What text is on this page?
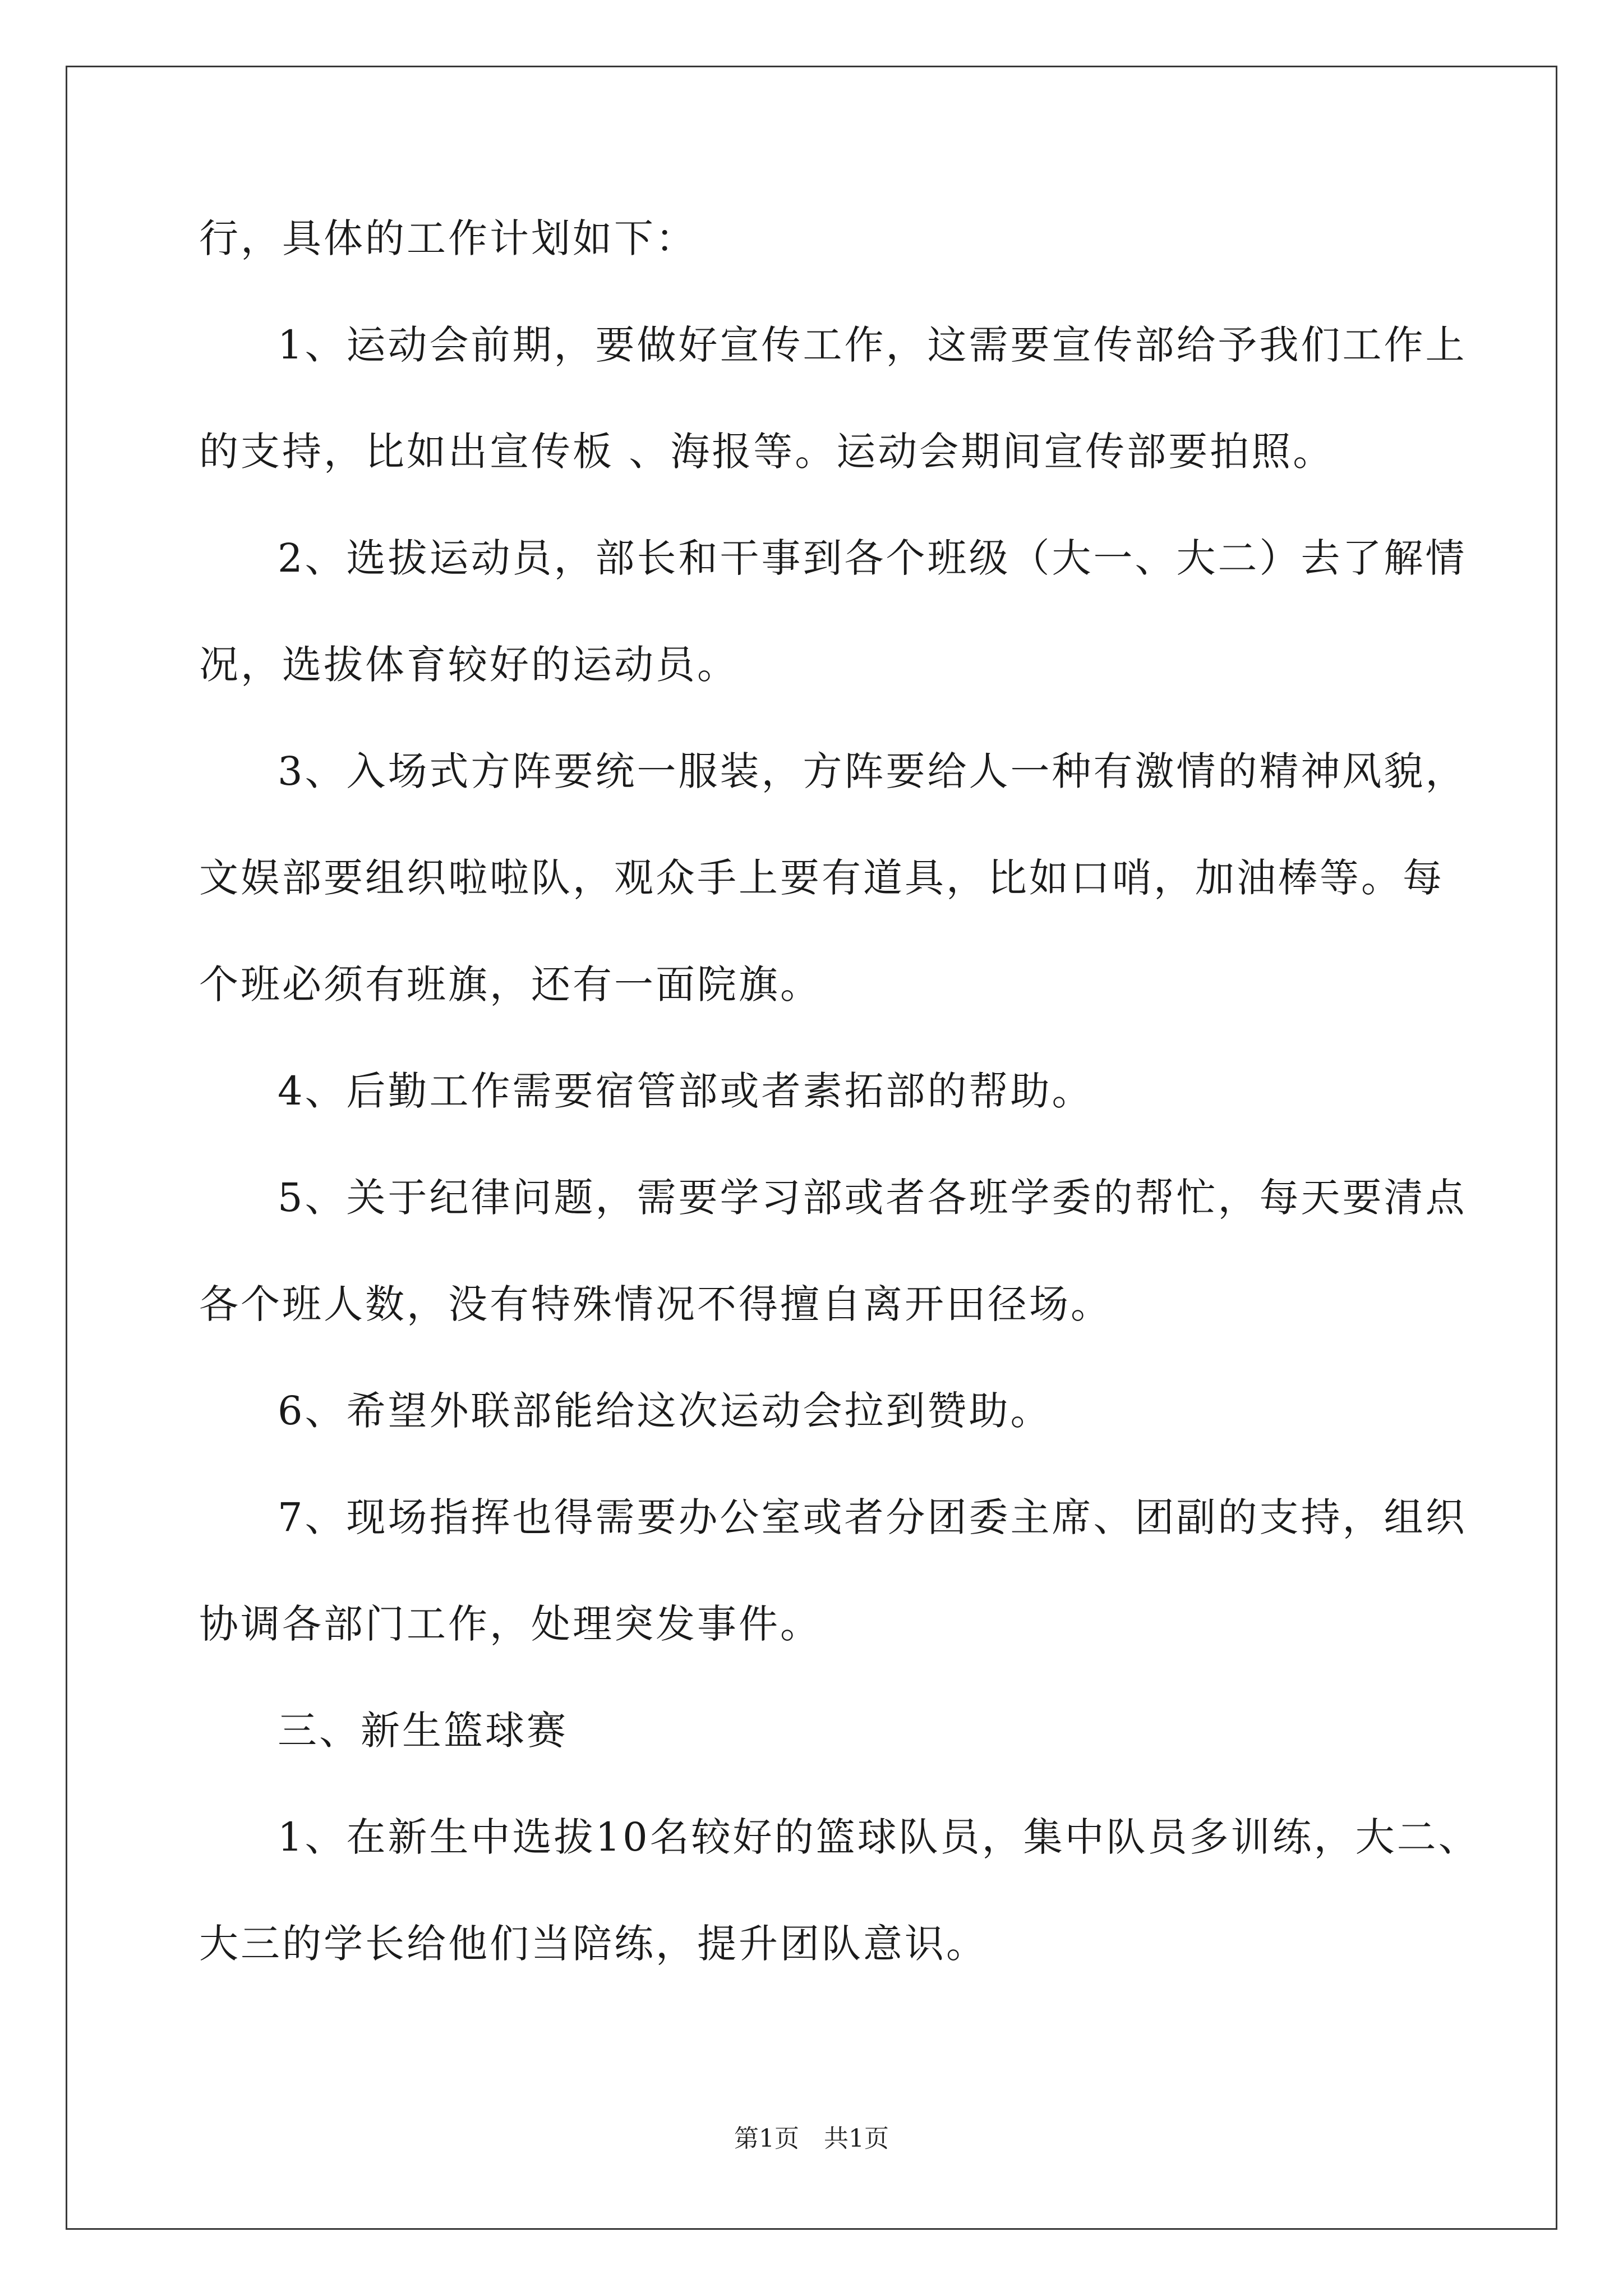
行，具体的工作计划如下：
1、运动会前期，要做好宣传工作，这需要宣传部给予我们工作上
的支持，比如出宣传板 、海报等。运动会期间宣传部要拍照。
2、选拔运动员，部长和干事到各个班级（大一、大二）去了解情
况，选拔体育较好的运动员。
3、入场式方阵要统一服装，方阵要给人一种有激情的精神风貌，
文娱部要组织啦啦队，观众手上要有道具，比如口哨，加油棒等。每
个班必须有班旗，还有一面院旗。
4、后勤工作需要宿管部或者素拓部的帮助。
5、关于纪律问题，需要学习部或者各班学委的帮忙，每天要清点
各个班人数，没有特殊情况不得擅自离开田径场。
6、希望外联部能给这次运动会拉到赞助。
7、现场指挥也得需要办公室或者分团委主席、团副的支持，组织
协调各部门工作，处理突发事件。
三、新生篮球赛
1、在新生中选拔10名较好的篮球队员，集中队员多训练，大二、
大三的学长给他们当陪练，提升团队意识。
第1页　共1页
